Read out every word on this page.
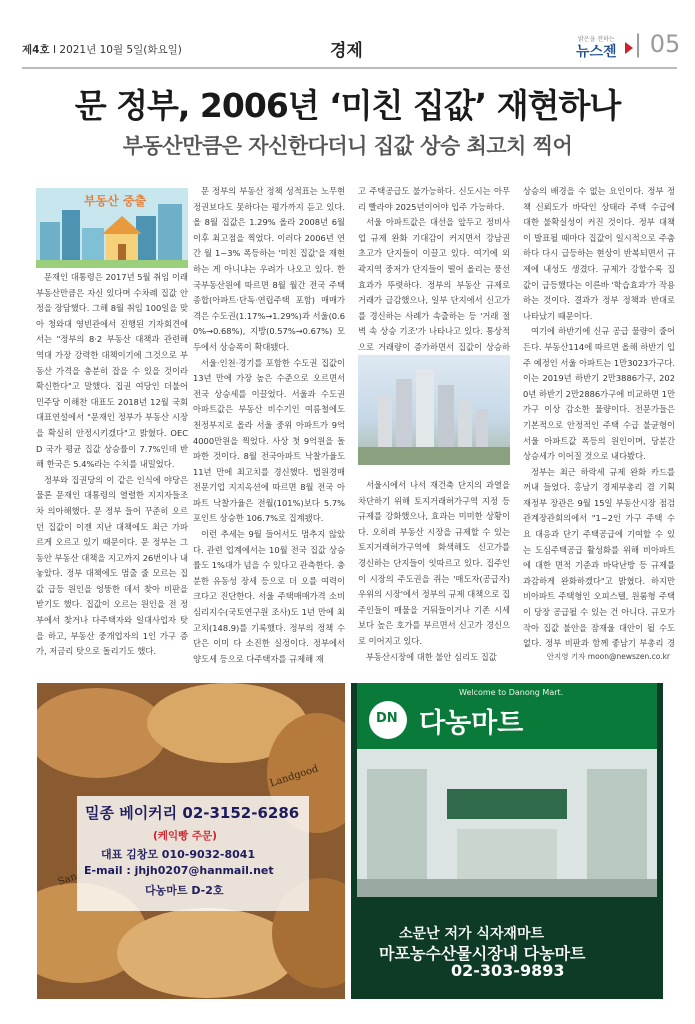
제4호 I 2021년 10월 5일(화요일)	경제
밝은을 전하는
뉴스젠 | 05
문 정부, 2006년 ‘미친 집값’ 재현하나
부동산만큼은 자신한다더니 집값 상승 최고치 찍어
부동산 중출

문재인 대통령은 2017년 5월 취임 이래 부동산만큼은 자신 있다며 수차례 집값 안정을 장담했다. 그해 8월 취임 100일을 맞아 청와대 영빈관에서 진행된 기자회견에서는 "정부의 8·2 부동산 대책과 관련해 역대 가장 강력한 대책이기에 그것으로 부동산 가격을 충분히 잡을 수 있을 것이라 확신한다"고 말했다. 집권 여당인 더불어민주당 이해찬 대표도 2018년 12월 국회 대표연설에서 "문재인 정부가 부동산 시장을 확실히 안정시키겠다"고 밝혔다. OECD 국가 평균 집값 상승률이 7.7%인데 반해 한국은 5.4%라는 수치를 내밀었다.

정부와 집권당의 이 같은 인식에 야당은 물론 문재인 대통령의 열렬한 지지자들조차 의아해했다. 문 정부 들어 꾸준히 오르던 집값이 이젠 지난 대책에도 최근 가파르게 오르고 있기 때문이다. 문 정부는 그동안 부동산 대책을 지고까지 26번이나 내놓았다. 정부 대책에도 멈출 줄 모르는 집값 급등 원인을 엉뚱한 데서 찾아 비판을 받기도 했다. 집값이 오르는 원인을 전 정부에서 찾거나 다주택자와 일대사업자 탓을 하고, 부동산 중개업자의 1인 가구 증가, 저금리 탓으로 돌리기도 했다.

문 정부의 부동산 정책 성적표는 노무현 정권보다도 못하다는 평가까지 듣고 있다. 올 8월 집값은 1.29% 올라 2008년 6월 이후 최고점을 찍었다. 이러다 2006년 연간 월 1~3% 폭등하는 '미친 집값'을 재현하는 게 아니냐는 우려가 나오고 있다. 한국부동산원에 따르면 8월 월간 전국 주택종합(아파트·단독·연립주택 포함) 매매가격은 수도권(1.17%→1.29%)과 서울(0.60%→0.68%), 지방(0.57%→0.67%) 모두에서 상승폭이 확대됐다.

서울·인천·경기를 포함한 수도권 집값이 13년 만에 가장 높은 수준으로 오르면서 전국 상승세를 이끌었다. 서울과 수도권 아파트값은 부동산 비수기인 여름철에도 천정부지로 올라 서울 중위 아파트가 9억 4000만원을 찍었다. 사상 첫 9억원을 돌파한 것이다. 8월 전국아파트 낙찰가율도 11년 만에 최고치를 경신했다. 법원경매 전문기업 지지옥션에 따르면 8월 전국 아파트 낙찰가율은 전월(101%)보다 5.7%포인트 상승한 106.7%로 집계됐다.

이런 추세는 9월 들어서도 멈추지 않았다. 관련 업계에서는 10월 전국 집값 상승률도 1%대가 넘을 수 있다고 관측한다. 충분한 유동성 장세 등으로 더 오를 여력이 크다고 진단한다. 서울 주택매매가격 소비심리지수(국토연구원 조사)도 1년 만에 최고치(148.9)를 기록했다. 정부의 정책 수단은 이미 다 소진한 실정이다. 정부에서 양도세 등으로 다주택자를 규제해 재

고 주택공급도 불가능하다. 신도시는 아무리 빨라야 2025년이어야 입주 가능하다.

서울 아파트값은 대선을 앞두고 정비사업 규제 완화 기대감이 커지면서 강남권 초고가 단지들이 이끌고 있다. 여기에 외곽지역 중저가 단지들이 떨어 올리는 풍선효과가 뚜렷하다. 정부의 부동산 규제로 거래가 급감했으나, 일부 단지에서 신고가를 경신하는 사례가 속출하는 등 '거래 절벽 속 상승 기조'가 나타나고 있다. 통상적으로 거래량이 증가하면서 집값이 상승하

서울시에서 나서 재건축 단지의 과열을 차단하기 위해 토지거래허가구역 지정 등 규제를 강화했으나, 효과는 미미한 상황이다. 오히려 부동산 시장을 규제할 수 있는 토지거래허가구역에 화색해도 신고가를 경신하는 단지들이 잇따르고 있다. 집주인이 시장의 주도권을 쥐는 '매도자(공급자) 우위의 시장'에서 정부의 규제 대책으로 집주인들이 매물을 거둬들이거나 기존 시세보다 높은 호가를 부르면서 신고가 경신으로 이어지고 있다.

부동산시장에 대한 불안 심리도 집값

상승의 배경을 수 없는 요인이다. 정부 정책 신뢰도가 바닥인 상태라 주택 수급에 대한 불확실성이 커진 것이다. 정부 대책이 발표될 때마다 집값이 일시적으로 주춤하다 다시 급등하는 현상이 반복되면서 규제에 내성도 생겼다. 규제가 강할수록 집값이 급등했다는 이른바 '학습효과'가 작용하는 것이다. 결과가 정부 정책과 반대로 나타났기 때문이다.

여기에 하반기에 신규 공급 물량이 줄어든다. 부동산114에 따르면 올해 하반기 입주 예정인 서울 아파트는 1만3023가구다. 이는 2019년 하반기 2만3886가구, 2020년 하반기 2만2886가구에 비교하면 1만 가구 이상 감소한 물량이다. 전문가들은 기본적으로 안정적인 주택 수급 불균형이 서울 아파트값 폭등의 원인이며, 당분간 상승세가 이어질 것으로 내다봤다.

정부는 최근 하락세 규제 완화 카드를 꺼내 들었다. 홍남기 경제부총리 겸 기획재정부 장관은 9월 15일 부동산시장 점검 관계장관회의에서 "1~2인 가구 주택 수요 대응과 단기 주택공급에 기여할 수 있는 도심주택공급 활성화를 위해 비아파트에 대한 면적 기준과 바닥난방 등 규제를 과감하게 완화하겠다"고 밝혔다. 하지만 비아파트 주택형인 오피스텔, 원룸형 주택이 당장 공급될 수 있는 건 아니다. 규모가 작아 집값 불안을 잠재울 대안이 될 수도 없다. 정부 비판과 함께 좋남기 부총리 경

안지영 기자 moon@newszen.co.kr
Landgood
밀종 베이커리 02-3152-6286
(케익빵 주문)
대표 김창모 010-9032-8041
E-mail : jhjh0207@hanmail.net
다농마트 D-2호
Welcome to Danong Mart.
DN 다농마트
소문난 저가 식자재마트
마포농수산물시장내 다농마트
02-303-9893
